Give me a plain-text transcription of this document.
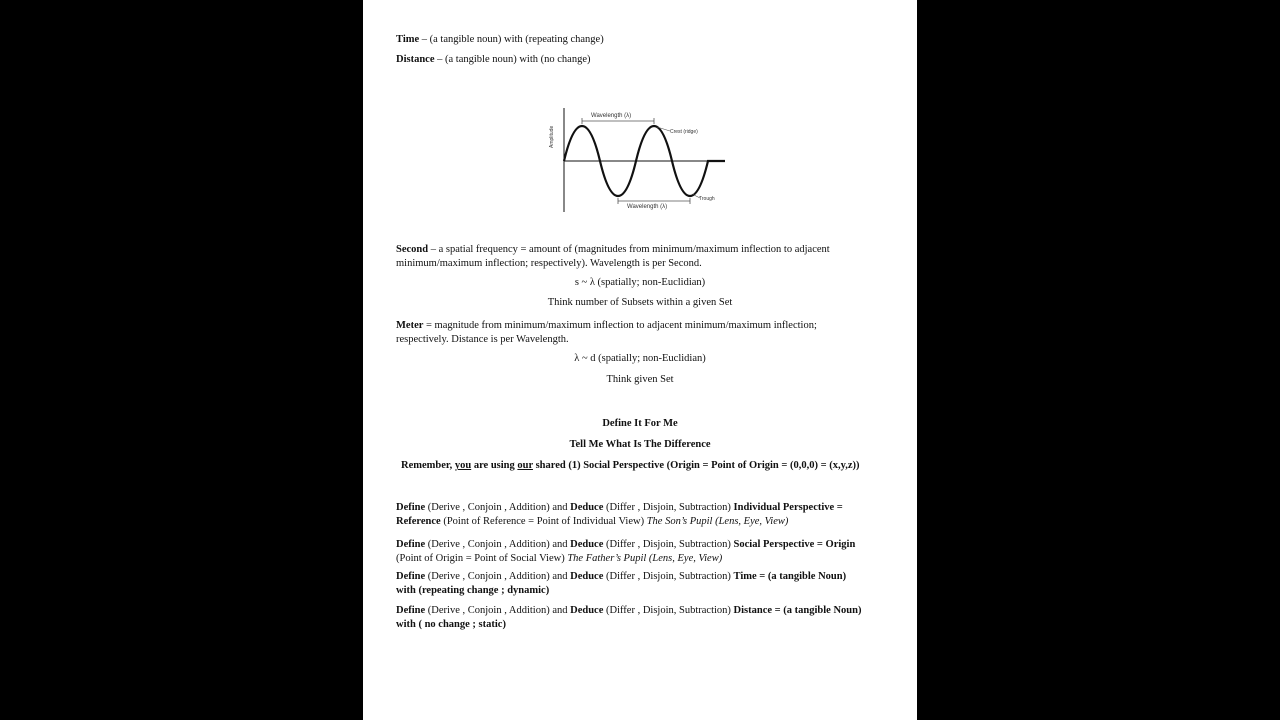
Time – (a tangible noun) with (repeating change)
Distance – (a tangible noun) with (no change)
Amplitude
Wavelength (λ)
Crest (ridge)
Wavelength (λ)
Trough
Second – a spatial frequency = amount of (magnitudes from minimum/maximum inflection to adjacent
minimum/maximum inflection; respectively). Wavelength is per Second.
s ~ λ (spatially; non-Euclidian)
Think number of Subsets within a given Set
Meter = magnitude from minimum/maximum inflection to adjacent minimum/maximum inflection;
respectively. Distance is per Wavelength.
λ ~ d (spatially; non-Euclidian)
Think given Set
Define It For Me
Tell Me What Is The Difference
Remember, you are using our shared (1) Social Perspective (Origin = Point of Origin = (0,0,0) = (x,y,z))
Define (Derive , Conjoin , Addition) and Deduce (Differ , Disjoin, Subtraction) Individual Perspective =
Reference (Point of Reference = Point of Individual View) The Son’s Pupil (Lens, Eye, View)
Define (Derive , Conjoin , Addition) and Deduce (Differ , Disjoin, Subtraction) Social Perspective = Origin
(Point of Origin = Point of Social View) The Father’s Pupil (Lens, Eye, View)
Define (Derive , Conjoin , Addition) and Deduce (Differ , Disjoin, Subtraction) Time = (a tangible Noun)
with (repeating change ; dynamic)
Define (Derive , Conjoin , Addition) and Deduce (Differ , Disjoin, Subtraction) Distance = (a tangible Noun)
with ( no change ; static)
